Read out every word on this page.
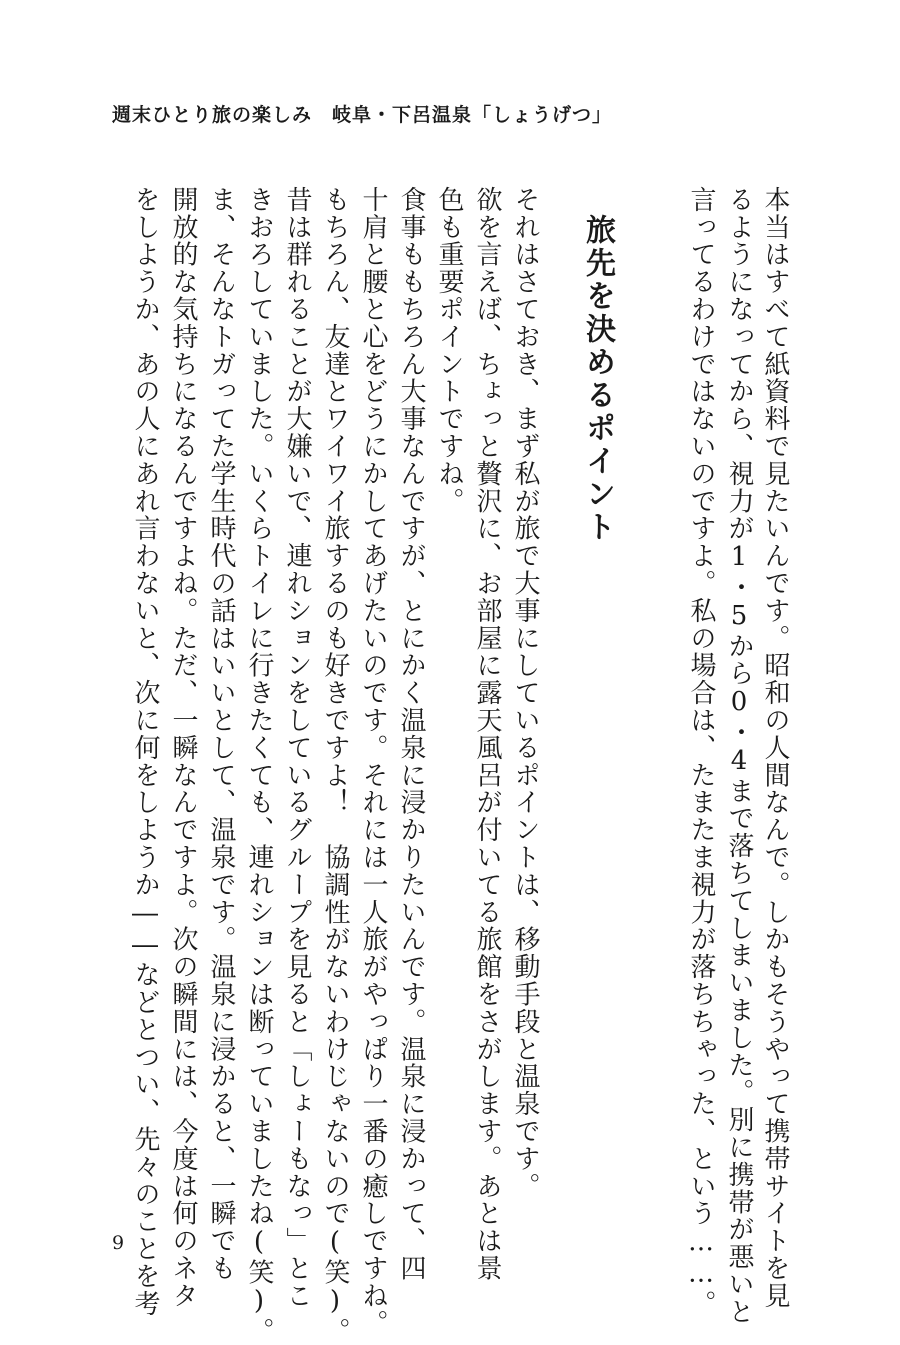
週末ひとり旅の楽しみ　岐阜・下呂温泉「しょうげつ」
本当はすべて紙資料で見たいんです。昭和の人間なんで。しかもそうやって携帯サイトを見
るようになってから、視力が1・5から0・4まで落ちてしまいました。別に携帯が悪いと
言ってるわけではないのですよ。私の場合は、たまたま視力が落ちちゃった、という……。
旅先を決めるポイント
それはさておき、まず私が旅で大事にしているポイントは、移動手段と温泉です。
欲を言えば、ちょっと贅沢に、お部屋に露天風呂が付いてる旅館をさがします。あとは景
色も重要ポイントですね。
食事ももちろん大事なんですが、とにかく温泉に浸かりたいんです。温泉に浸かって、四
十肩と腰と心をどうにかしてあげたいのです。それには一人旅がやっぱり一番の癒しですね。
もちろん、友達とワイワイ旅するのも好きですよ！　協調性がないわけじゃないので(笑)。
昔は群れることが大嫌いで、連れションをしているグループを見ると「しょーもなっ」とこ
きおろしていました。いくらトイレに行きたくても、連れションは断っていましたね(笑)。
ま、そんなトガってた学生時代の話はいいとして、温泉です。温泉に浸かると、一瞬でも
開放的な気持ちになるんですよね。ただ、一瞬なんですよ。次の瞬間には、今度は何のネタ
をしようか、あの人にあれ言わないと、次に何をしようか――などとつい、先々のことを考
9
